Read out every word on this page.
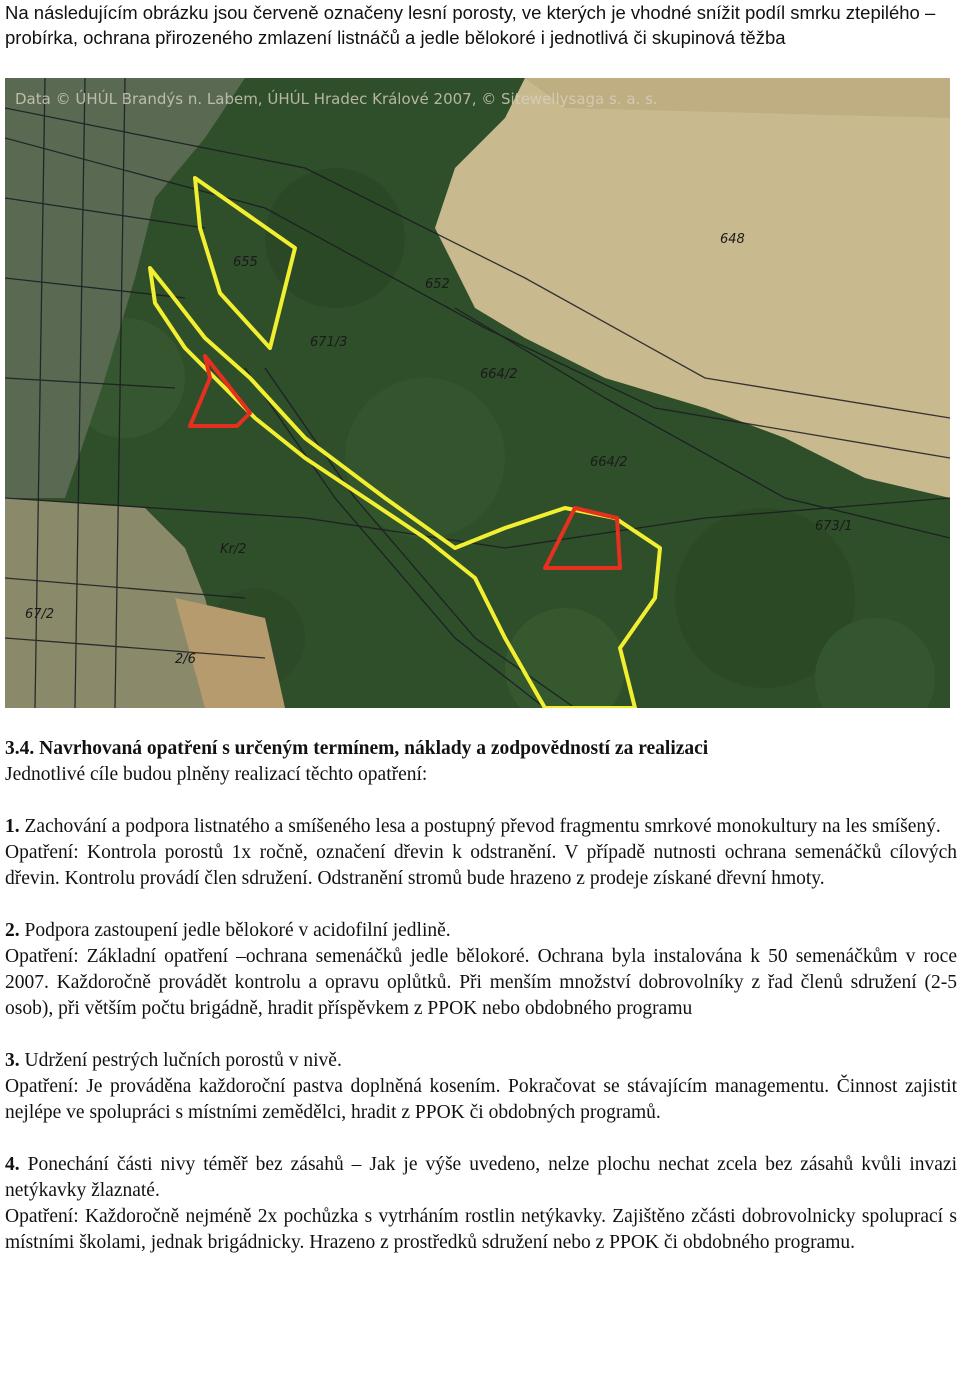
Na následujícím obrázku jsou červeně označeny lesní porosty, ve kterých je vhodné snížit podíl smrku ztepilého – probírka, ochrana přirozeného zmlazení listnáčů a jedle bělokoré i jednotlivá či skupinová těžba
655
648
652
671/3
664/2
664/2
673/1
Kr/2
2/6
67/2
Data © ÚHÚL Brandýs n. Labem, ÚHÚL Hradec Králové 2007, © Sitewellysaga s. a. s.

3.4. Navrhovaná opatření s určeným termínem, náklady a zodpovědností za realizaci

Jednotlivé cíle budou plněny realizací těchto opatření:

1. Zachování a podpora listnatého a smíšeného lesa a postupný převod fragmentu smrkové monokultury na les smíšený.

Opatření: Kontrola porostů 1x ročně, označení dřevin k odstranění. V případě nutnosti ochrana semenáčků cílových dřevin. Kontrolu provádí člen sdružení. Odstranění stromů bude hrazeno z prodeje získané dřevní hmoty.

2. Podpora zastoupení jedle bělokoré v acidofilní jedlině.

Opatření: Základní opatření –ochrana semenáčků jedle bělokoré. Ochrana byla instalována k 50 semenáčkům v roce 2007. Každoročně provádět kontrolu a opravu oplůtků. Při menším množství dobrovolníky z řad členů sdružení (2-5 osob), při větším počtu brigádně, hradit příspěvkem z PPOK nebo obdobného programu

3. Udržení pestrých lučních porostů v nivě.

Opatření: Je prováděna každoroční pastva doplněná kosením. Pokračovat se stávajícím managementu. Činnost zajistit nejlépe ve spolupráci s místními zemědělci, hradit z PPOK či obdobných programů.

4. Ponechání části nivy téměř bez zásahů – Jak je výše uvedeno, nelze plochu nechat zcela bez zásahů kvůli invazi netýkavky žlaznaté.

Opatření: Každoročně nejméně 2x pochůzka s vytrháním rostlin netýkavky. Zajištěno zčásti dobrovolnicky spoluprací s místními školami, jednak brigádnicky. Hrazeno z prostředků sdružení nebo z PPOK či obdobného programu.
